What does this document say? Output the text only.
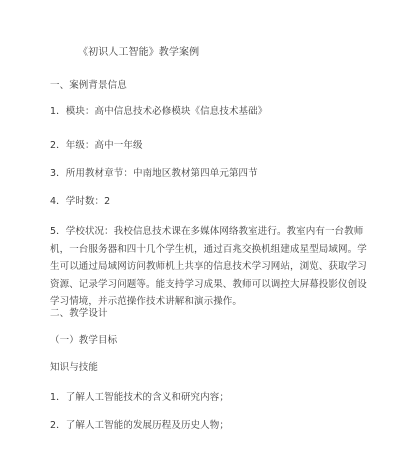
《初识人工智能》教学案例
一、案例背景信息
1．模块：高中信息技术必修模块《信息技术基础》
2．年级：高中一年级
3．所用教材章节：中南地区教材第四单元第四节
4．学时数：2
5．学校状况：我校信息技术课在多媒体网络教室进行。教室内有一台教师机，一台服务器和四十几个学生机，通过百兆交换机组建成星型局域网。学生可以通过局域网访问教师机上共享的信息技术学习网站，浏览、获取学习资源、记录学习问题等。能支持学习成果、教师可以调控大屏幕投影仪创设学习情境，并示范操作技术讲解和演示操作。
二、教学设计
（一）教学目标
知识与技能
1．了解人工智能技术的含义和研究内容；
2．了解人工智能的发展历程及历史人物；
